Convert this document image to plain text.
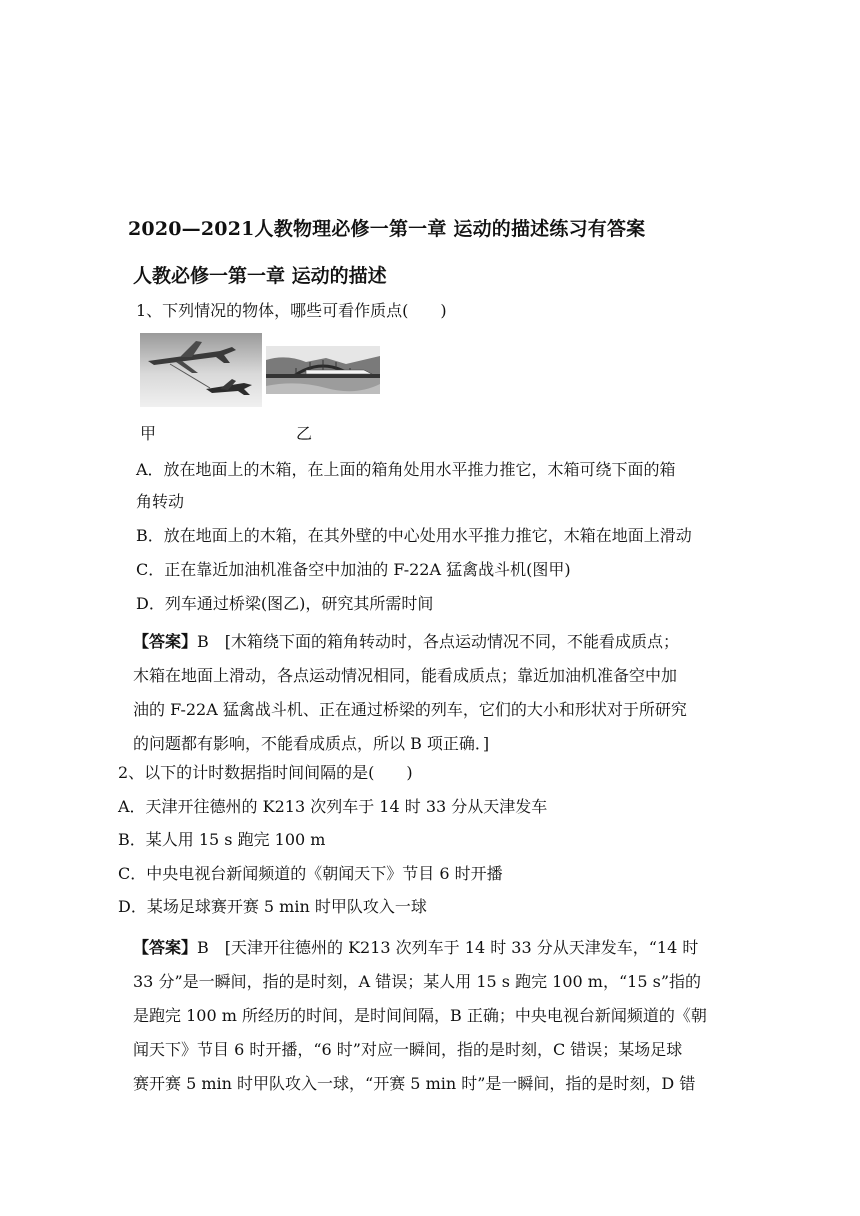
2020—2021人教物理必修一第一章 运动的描述练习有答案
人教必修一第一章 运动的描述
1、下列情况的物体，哪些可看作质点(　　)
甲	乙
A．放在地面上的木箱，在上面的箱角处用水平推力推它，木箱可绕下面的箱
角转动
B．放在地面上的木箱，在其外壁的中心处用水平推力推它，木箱在地面上滑动
C．正在靠近加油机准备空中加油的 F-22A 猛禽战斗机(图甲)
D．列车通过桥梁(图乙)，研究其所需时间
【答案】B　[木箱绕下面的箱角转动时，各点运动情况不同，不能看成质点；
木箱在地面上滑动，各点运动情况相同，能看成质点；靠近加油机准备空中加
油的 F-22A 猛禽战斗机、正在通过桥梁的列车，它们的大小和形状对于所研究
的问题都有影响，不能看成质点，所以 B 项正确．]
2、以下的计时数据指时间间隔的是(　　)
A．天津开往德州的 K213 次列车于 14 时 33 分从天津发车
B．某人用 15 s 跑完 100 m
C．中央电视台新闻频道的《朝闻天下》节目 6 时开播
D．某场足球赛开赛 5 min 时甲队攻入一球
【答案】B　[天津开往德州的 K213 次列车于 14 时 33 分从天津发车，“14 时
33 分”是一瞬间，指的是时刻，A 错误；某人用 15 s 跑完 100 m，“15 s”指的
是跑完 100 m 所经历的时间，是时间间隔，B 正确；中央电视台新闻频道的《朝
闻天下》节目 6 时开播，“6 时”对应一瞬间，指的是时刻，C 错误；某场足球
赛开赛 5 min 时甲队攻入一球，“开赛 5 min 时”是一瞬间，指的是时刻，D 错
